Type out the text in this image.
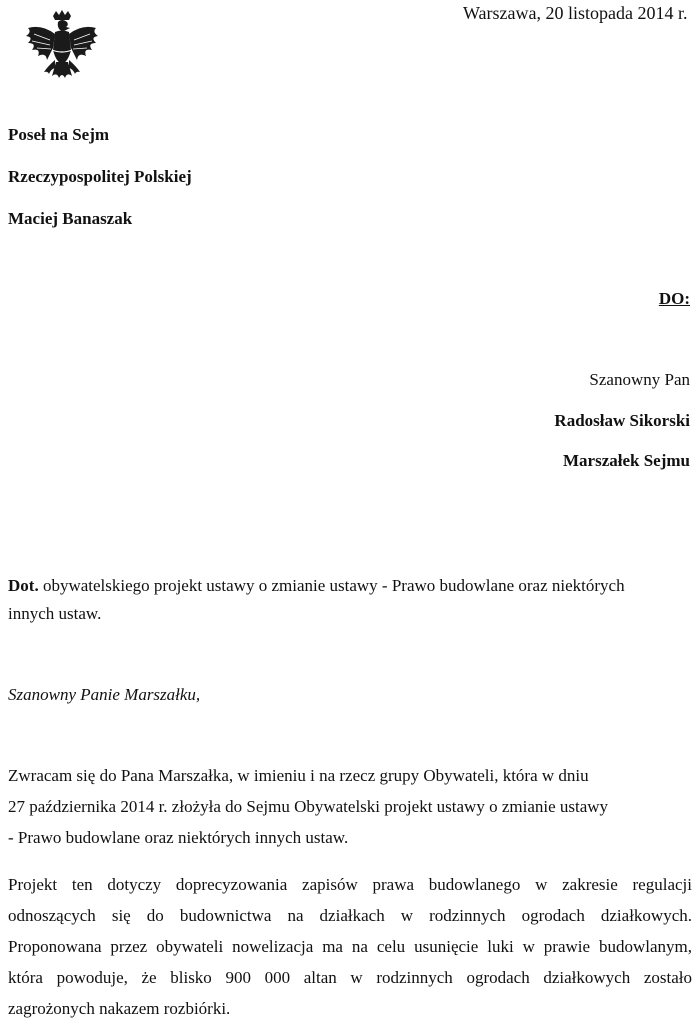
Warszawa, 20 listopada 2014 r.
Poseł na Sejm
Rzeczypospolitej Polskiej
Maciej Banaszak
DO:
Szanowny Pan
Radosław Sikorski
Marszałek Sejmu
Dot. obywatelskiego projekt ustawy o zmianie ustawy - Prawo budowlane oraz niektórych
innych ustaw.
Szanowny Panie Marszałku,
Zwracam się do Pana Marszałka, w imieniu i na rzecz grupy Obywateli, która w dniu
27 października 2014 r. złożyła do Sejmu Obywatelski projekt ustawy o zmianie ustawy
- Prawo budowlane oraz niektórych innych ustaw.
Projekt ten dotyczy doprecyzowania zapisów prawa budowlanego w zakresie regulacji
odnoszących się do budownictwa na działkach w rodzinnych ogrodach działkowych.
Proponowana przez obywateli nowelizacja ma na celu usunięcie luki w prawie budowlanym,
która powoduje, że blisko 900 000 altan w rodzinnych ogrodach działkowych zostało
zagrożonych nakazem rozbiórki.
